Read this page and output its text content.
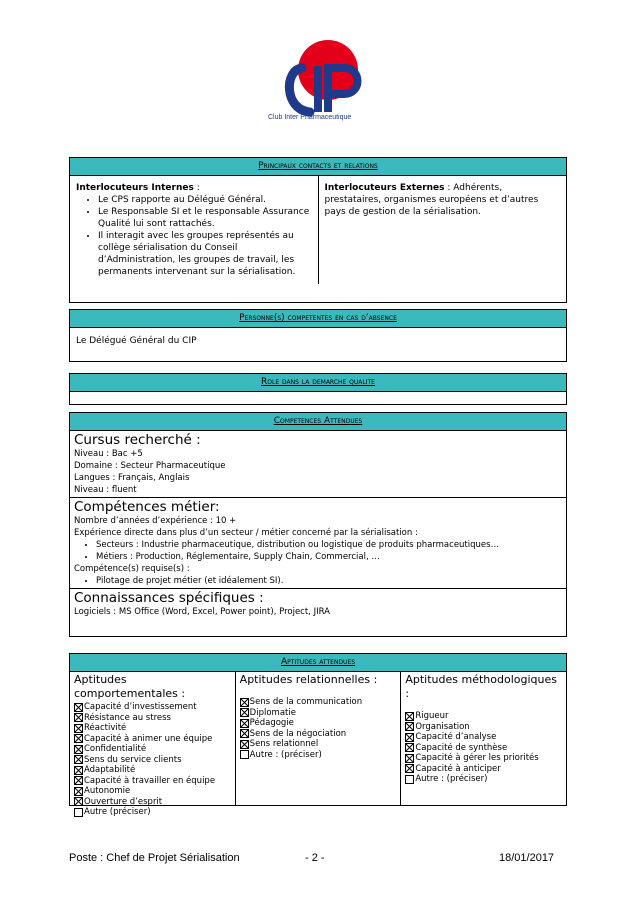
Club Inter Pharmaceutique
Principaux contacts et relations
Interlocuteurs Internes :
• Le CPS rapporte au Délégué Général.
• Le Responsable SI et le responsable Assurance Qualité lui sont rattachés.
• Il interagit avec les groupes représentés au collège sérialisation du Conseil d’Administration, les groupes de travail, les permanents intervenant sur la sérialisation.
Interlocuteurs Externes : Adhérents, prestataires, organismes européens et d’autres pays de gestion de la sérialisation.
Personne(s) competentes en cas d’absence
Le Délégué Général du CIP
Role dans la demarche qualite
Competences Attendues
Cursus recherché :
Niveau : Bac +5
Domaine : Secteur Pharmaceutique
Langues : Français, Anglais
Niveau : fluent
Compétences métier:
Nombre d’années d’expérience : 10 +
Expérience directe dans plus d’un secteur / métier concerné par la sérialisation :
• Secteurs : Industrie pharmaceutique, distribution ou logistique de produits pharmaceutiques…
• Métiers : Production, Réglementaire, Supply Chain, Commercial, …
Compétence(s) requise(s) :
• Pilotage de projet métier (et idéalement SI).
Connaissances spécifiques :
Logiciels : MS Office (Word, Excel, Power point), Project, JIRA
Aptitudes attendues
Aptitudes comportementales :
Capacité d’investissement
Résistance au stress
Réactivité
Capacité à animer une équipe
Confidentialité
Sens du service clients
Adaptabilité
Capacité à travailler en équipe
Autonomie
Ouverture d’esprit
Autre (préciser)
Aptitudes relationnelles :
Sens de la communication
Diplomatie
Pédagogie
Sens de la négociation
Sens relationnel
Autre : (préciser)
Aptitudes méthodologiques :
Rigueur
Organisation
Capacité d’analyse
Capacité de synthèse
Capacité à gérer les priorités
Capacité à anticiper
Autre : (préciser)
Poste : Chef de Projet Sérialisation	- 2 -	18/01/2017
